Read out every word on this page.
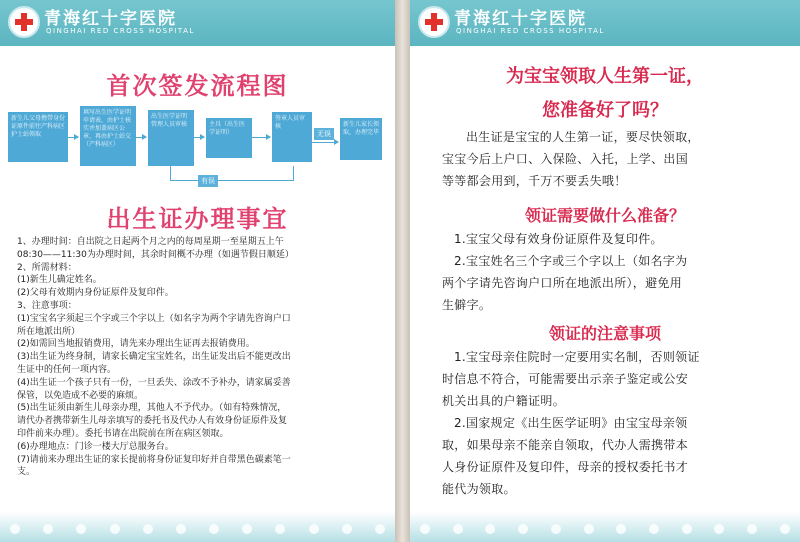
青海红十字医院
QINGHAI RED CROSS HOSPITAL
首次签发流程图
新生儿父母携带身份证原件前往产科病区护士站领取
填写出生医学证明申请表，由护士核实并加盖病区公章，再由护士站交（产科病区）
出生医学证明管理人员审核	主具（出生医学证明）
签章人员审核
无误
新生儿家长领取，办理完毕
有误
出生证办理事宜
1、办理时间：自出院之日起两个月之内的每周星期一至星期五上午
08:30——11:30为办理时间，其余时间概不办理（如遇节假日顺延）
2、所需材料：
(1)新生儿确定姓名。
(2)父母有效期内身份证原件及复印件。
3、注意事项：
(1)宝宝名字须起三个字或三个字以上（如名字为两个字请先咨询户口
所在地派出所）
(2)如需回当地报销费用，请先来办理出生证再去报销费用。
(3)出生证为终身制，请家长确定宝宝姓名，出生证发出后不能更改出
生证中的任何一项内容。
(4)出生证一个孩子只有一份，一旦丢失、涂改不予补办，请家属妥善
保管，以免造成不必要的麻烦。
(5)出生证须由新生儿母亲办理，其他人不予代办。（如有特殊情况，
请代办者携带新生儿母亲填写的委托书及代办人有效身份证原件及复
印件前来办理）。委托书请在出院前在所在病区领取。
(6)办理地点：门诊一楼大厅总服务台。
(7)请前来办理出生证的家长提前将身份证复印好并自带黑色碳素笔一
支。
青海红十字医院
QINGHAI RED CROSS HOSPITAL
为宝宝领取人生第一证，
您准备好了吗？
出生证是宝宝的人生第一证，要尽快领取，
宝宝今后上户口、入保险、入托，上学、出国
等等都会用到，千万不要丢失哦！
领证需要做什么准备？
1.宝宝父母有效身份证原件及复印件。
2.宝宝姓名三个字或三个字以上（如名字为
两个字请先咨询户口所在地派出所），避免用
生僻字。
领证的注意事项
1.宝宝母亲住院时一定要用实名制，否则领证
时信息不符合，可能需要出示亲子鉴定或公安
机关出具的户籍证明。
2.国家规定《出生医学证明》由宝宝母亲领
取，如果母亲不能亲自领取，代办人需携带本
人身份证原件及复印件，母亲的授权委托书才
能代为领取。
